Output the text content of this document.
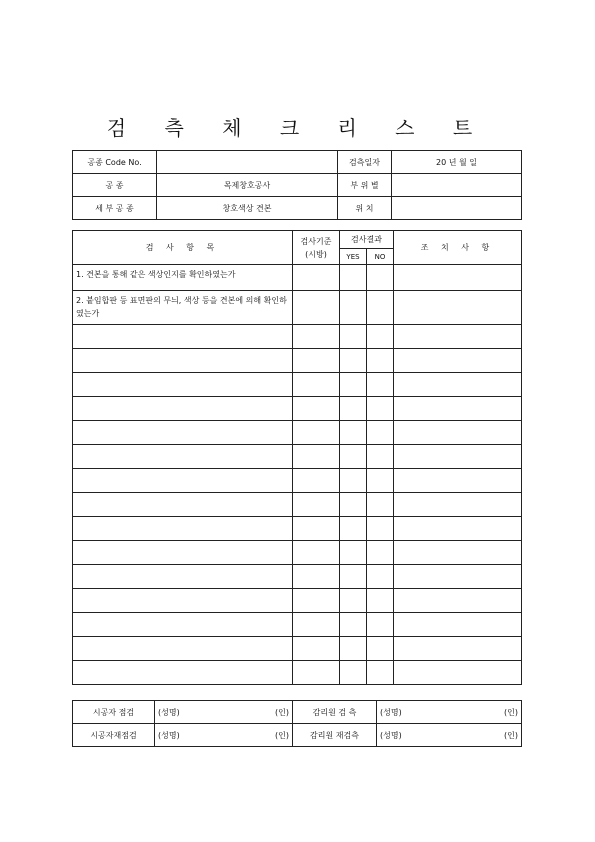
검 측 체 크 리 스 트
공종 Code No.		검측일자	20 년 월 일
공 종	목제창호공사	부 위 별	
세 부 공 종	창호색상 견본	위 치	
검 사 항 목	검사기준
(시방)	검사결과		조 치 사 항
		YES	NO	
1. 견본을 통해 같은 색상인지를 확인하였는가				
2. 붙임합판 등 표면판의 무늬, 색상 등을 견본에 의해 확인하였는가				

시공자 점검	(성명) (인)	감리원 검 측	(성명) (인)

시공자재점검	(성명) (인)	감리원 재검측	(성명) (인)
